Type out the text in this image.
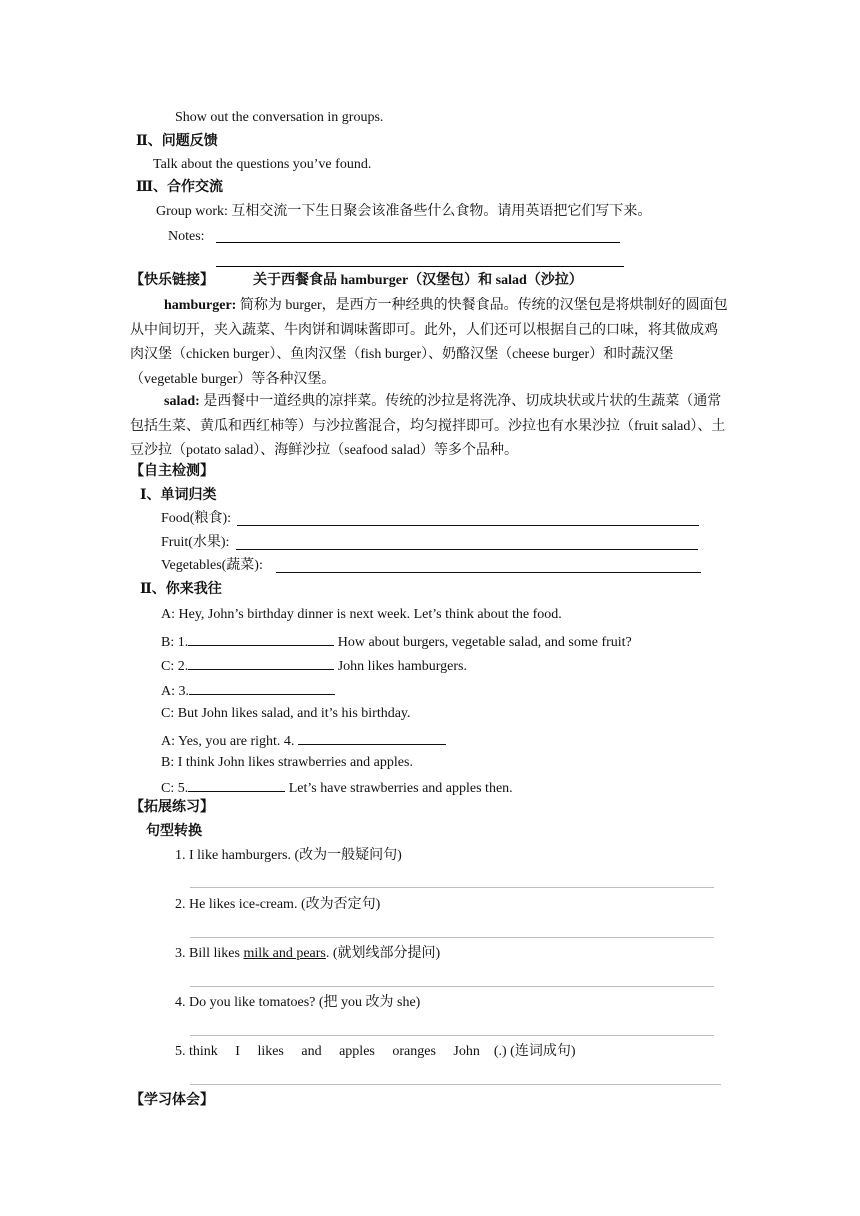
Show out the conversation in groups.
Ⅱ、问题反馈
Talk about the questions you’ve found.
Ⅲ、合作交流
Group work: 互相交流一下生日聚会该准备些什么食物。请用英语把它们写下来。
Notes:
【快乐链接】	关于西餐食品 hamburger（汉堡包）和 salad（沙拉）
hamburger: 简称为 burger，是西方一种经典的快餐食品。传统的汉堡包是将烘制好的圆面包从中间切开，夹入蔬菜、牛肉饼和调味酱即可。此外，人们还可以根据自己的口味，将其做成鸡肉汉堡（chicken burger）、鱼肉汉堡（fish burger）、奶酪汉堡（cheese burger）和时蔬汉堡（vegetable burger）等各种汉堡。
salad: 是西餐中一道经典的凉拌菜。传统的沙拉是将洗净、切成块状或片状的生蔬菜（通常包括生菜、黄瓜和西红柿等）与沙拉酱混合，均匀搅拌即可。沙拉也有水果沙拉（fruit salad）、土豆沙拉（potato salad）、海鲜沙拉（seafood salad）等多个品种。
【自主检测】
Ⅰ、单词归类
Food(粮食):
Fruit(水果):
Vegetables(蔬菜):
Ⅱ、你来我往
A: Hey, John’s birthday dinner is next week. Let’s think about the food.
B: 1.	How about burgers, vegetable salad, and some fruit?
C: 2.	John likes hamburgers.
A: 3.
C: But John likes salad, and it’s his birthday.
A: Yes, you are right. 4.
B: I think John likes strawberries and apples.
C: 5.	Let’s have strawberries and apples then.
【拓展练习】
句型转换
1. I like hamburgers. (改为一般疑问句)
2. He likes ice-cream. (改为否定句)
3. Bill likes milk and pears. (就划线部分提问)
4. Do you like tomatoes? (把 you 改为 she)
5. think     I     likes     and     apples     oranges     John    (.) (连词成句)
【学习体会】
